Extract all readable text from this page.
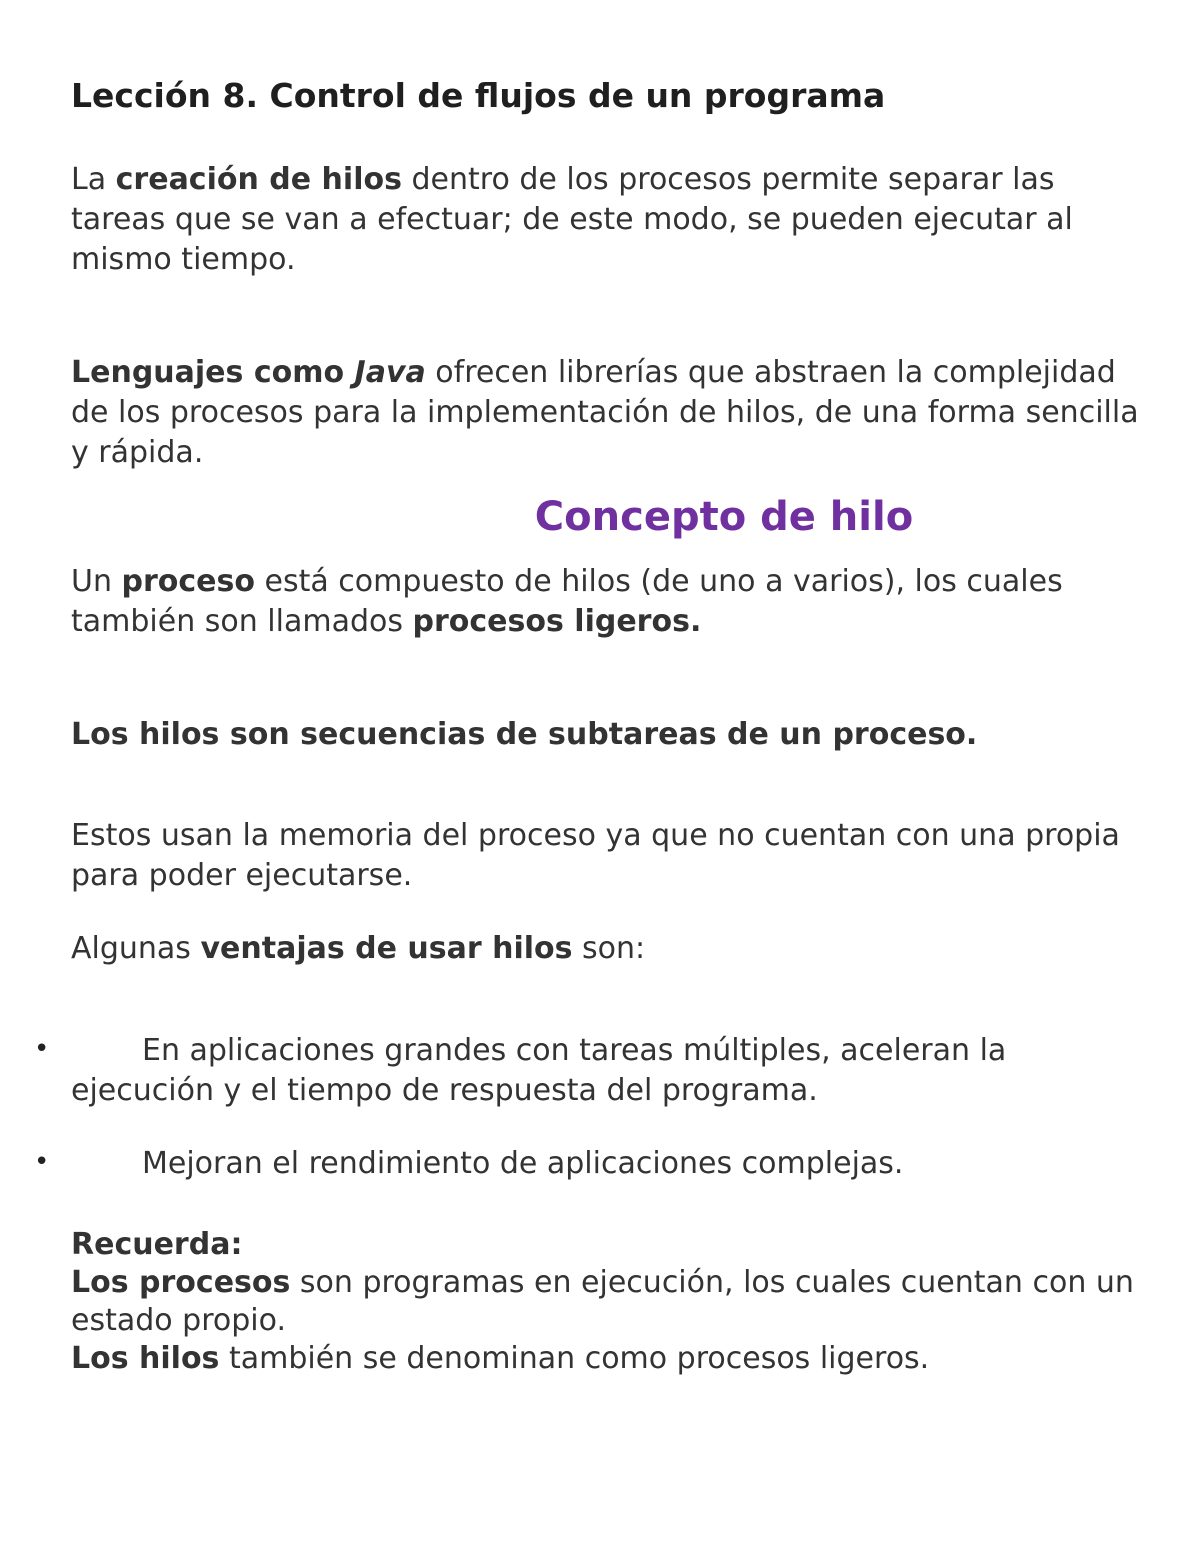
Lección 8. Control de flujos de un programa
La creación de hilos dentro de los procesos permite separar las tareas que se van a efectuar; de este modo, se pueden ejecutar al mismo tiempo.
Lenguajes como Java ofrecen librerías que abstraen la complejidad de los procesos para la implementación de hilos, de una forma sencilla y rápida.
Concepto de hilo
Un proceso está compuesto de hilos (de uno a varios), los cuales también son llamados procesos ligeros.
Los hilos son secuencias de subtareas de un proceso.
Estos usan la memoria del proceso ya que no cuentan con una propia para poder ejecutarse.
Algunas ventajas de usar hilos son:
•	En aplicaciones grandes con tareas múltiples, aceleran la ejecución y el tiempo de respuesta del programa.
•	Mejoran el rendimiento de aplicaciones complejas.
Recuerda:
Los procesos son programas en ejecución, los cuales cuentan con un estado propio.
Los hilos también se denominan como procesos ligeros.
